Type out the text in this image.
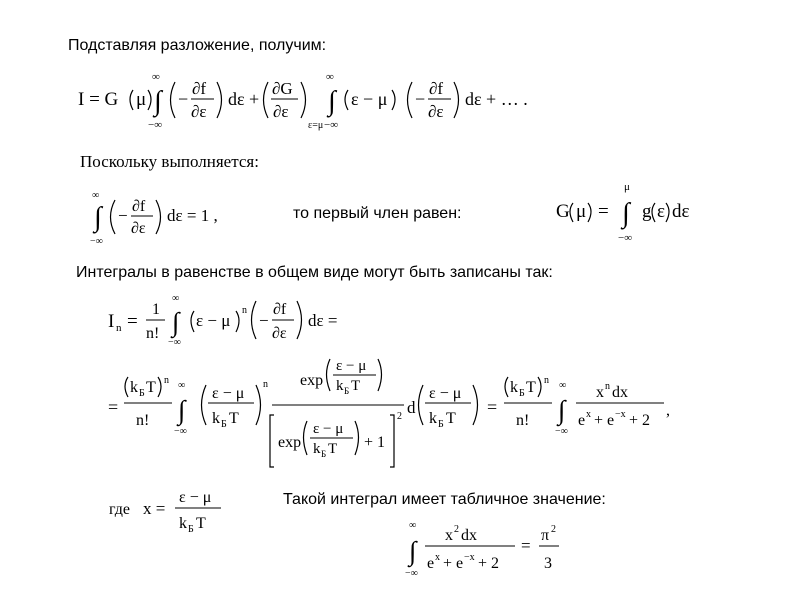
Подставляя разложение, получим:
Поскольку выполняется:
то первый член равен:
Интегралы в равенстве в общем виде могут быть записаны так:
Такой интеграл имеет табличное значение:
I = G μ ∫
∞
−∞
−
∂f
∂ε
dε +
∂G
∂ε
ε=μ
∫
∞
−∞
ε − μ −
∂f
∂ε
dε + … .
∫
∞
−∞
− ∂f
∂ε
dε = 1 ,	G μ = ∫
μ
−∞
g ε dε
I n =
1
n! ∫
∞
−∞
ε − μ
n
−
∂f
∂ε
dε =
=
k Б T n
n! ∫
∞
−∞
ε − μ
k Б T
n exp
ε − μ
k Б T
exp
ε − μ
k Б T + 1
2 d
ε − μ
k Б T
=
k Б T n
n! ∫
∞
−∞
x n dx
e x + e −x + 2
,
где x =
ε − μ
k Б T
∫
∞
−∞
x 2 dx
e x + e −x + 2
=
π 2
3
